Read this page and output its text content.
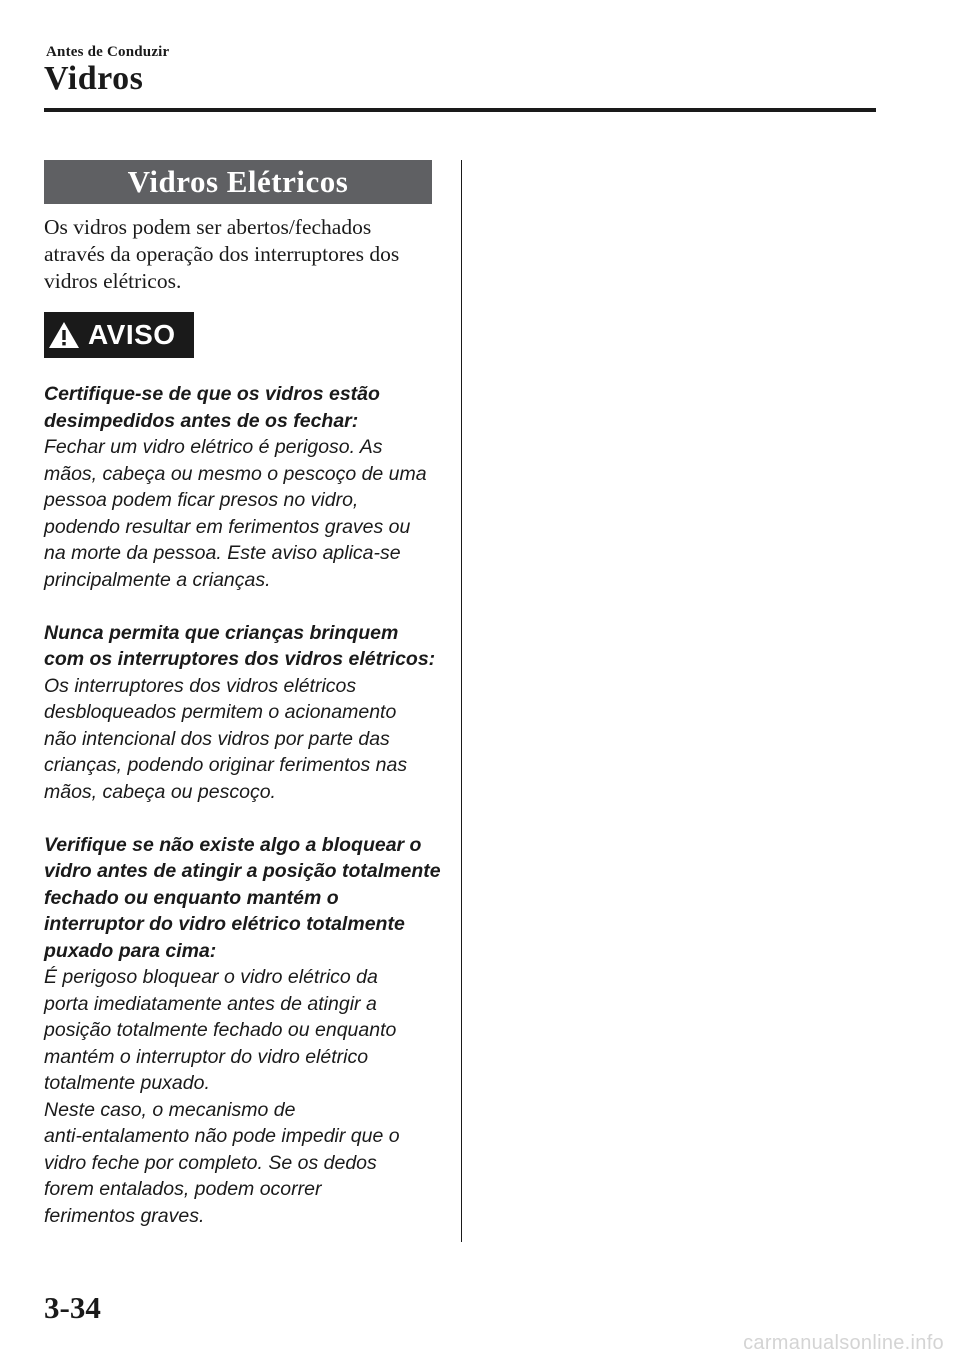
Antes de Conduzir
Vidros
Vidros Elétricos
Os vidros podem ser abertos/fechados
através da operação dos interruptores dos
vidros elétricos.
AVISO
Certifique-se de que os vidros estão
desimpedidos antes de os fechar:
Fechar um vidro elétrico é perigoso. As
mãos, cabeça ou mesmo o pescoço de uma
pessoa podem ficar presos no vidro,
podendo resultar em ferimentos graves ou
na morte da pessoa. Este aviso aplica-se
principalmente a crianças.
Nunca permita que crianças brinquem
com os interruptores dos vidros elétricos:
Os interruptores dos vidros elétricos
desbloqueados permitem o acionamento
não intencional dos vidros por parte das
crianças, podendo originar ferimentos nas
mãos, cabeça ou pescoço.
Verifique se não existe algo a bloquear o
vidro antes de atingir a posição totalmente
fechado ou enquanto mantém o
interruptor do vidro elétrico totalmente
puxado para cima:
É perigoso bloquear o vidro elétrico da
porta imediatamente antes de atingir a
posição totalmente fechado ou enquanto
mantém o interruptor do vidro elétrico
totalmente puxado.
Neste caso, o mecanismo de
anti-entalamento não pode impedir que o
vidro feche por completo. Se os dedos
forem entalados, podem ocorrer
ferimentos graves.
3-34
carmanualsonline.info
